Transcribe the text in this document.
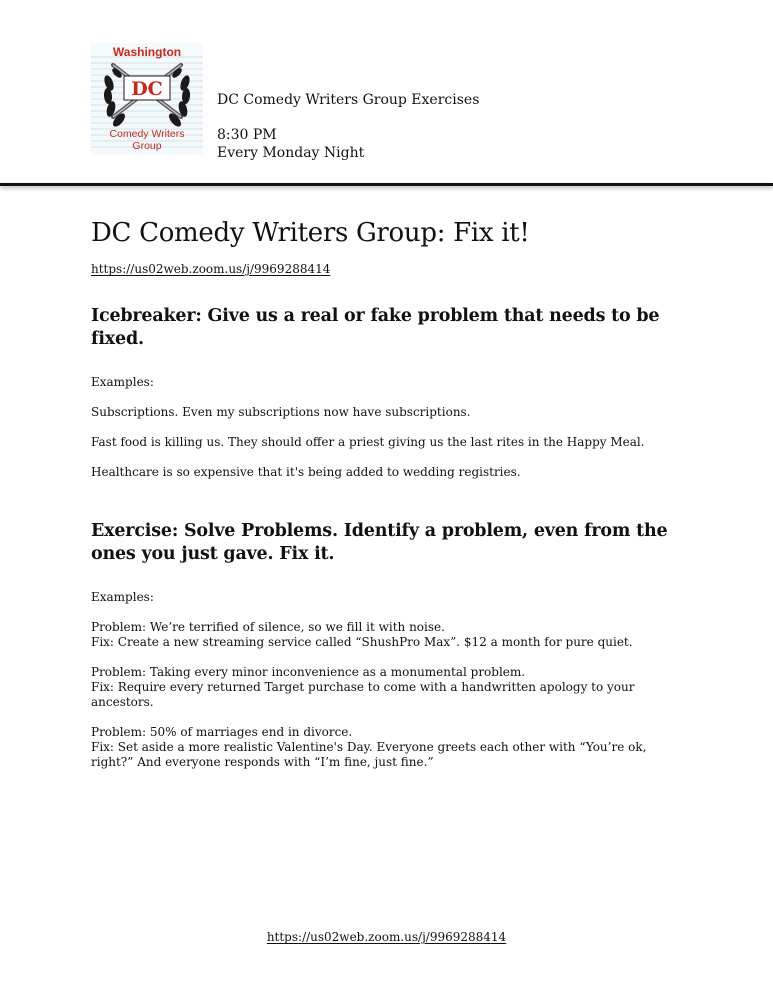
DC
Washington
Comedy Writers
Group
DC Comedy Writers Group Exercises
8:30 PM
Every Monday Night
DC Comedy Writers Group: Fix it!
https://us02web.zoom.us/j/9969288414
Icebreaker: Give us a real or fake problem that needs to be fixed.

Examples:

Subscriptions. Even my subscriptions now have subscriptions.

Fast food is killing us. They should offer a priest giving us the last rites in the Happy Meal.

Healthcare is so expensive that it's being added to wedding registries.

Exercise: Solve Problems. Identify a problem, even from the ones you just gave. Fix it.

Examples:

Problem: We’re terrified of silence, so we fill it with noise.

Fix: Create a new streaming service called “ShushPro Max”. $12 a month for pure quiet.

Problem: Taking every minor inconvenience as a monumental problem.

Fix: Require every returned Target purchase to come with a handwritten apology to your ancestors.

Problem: 50% of marriages end in divorce.

Fix: Set aside a more realistic Valentine's Day. Everyone greets each other with “You’re ok, right?” And everyone responds with “I’m fine, just fine.”

https://us02web.zoom.us/j/9969288414
